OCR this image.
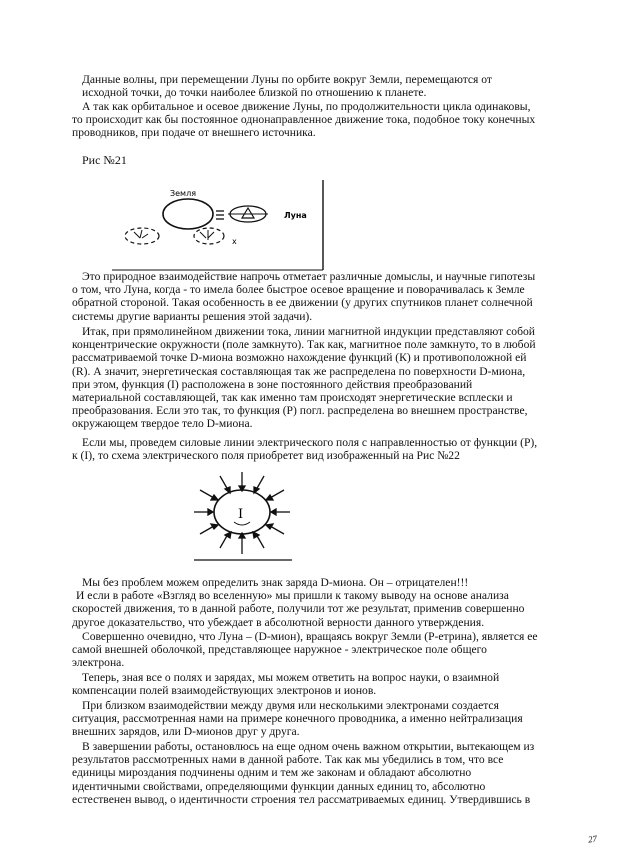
Данные волны, при перемещении Луны по орбите вокруг Земли, перемещаются от
исходной точки, до точки наиболее близкой по отношению к планете.
А так как орбитальное и осевое движение Луны, по продолжительности цикла одинаковы,
то происходит как бы постоянное однонаправленное движение тока, подобное току конечных
проводников, при подаче от внешнего источника.
Рис №21
Земля
Луна
х
Это природное взаимодействие напрочь отметает различные домыслы, и научные гипотезы
о том, что Луна, когда - то имела более быстрое осевое вращение и поворачивалась к Земле
обратной стороной. Такая особенность в ее движении (у других спутников планет солнечной
системы другие варианты решения этой задачи).
Итак, при прямолинейном движении тока, линии магнитной индукции представляют собой
концентрические окружности (поле замкнуто). Так как, магнитное поле замкнуто, то в любой
рассматриваемой точке D-миона возможно нахождение функций (К) и противоположной ей
(R). А значит, энергетическая составляющая так же распределена по поверхности D-миона,
при этом, функция (I) расположена в зоне постоянного действия преобразований
материальной составляющей, так как именно там происходят энергетические всплески и
преобразования. Если это так, то функция (Р) погл. распределена во внешнем пространстве,
окружающем твердое тело D-миона.
Если мы, проведем силовые линии электрического поля с направленностью от функции (Р),
к (I), то схема электрического поля приобретет вид изображенный на Рис №22
I
Мы без проблем можем определить знак заряда D-миона. Он – отрицателен!!!
И если в работе «Взгляд во вселенную» мы пришли к такому выводу на основе анализа
скоростей движения, то в данной работе, получили тот же результат, применив совершенно
другое доказательство, что убеждает в абсолютной верности данного утверждения.
Совершенно очевидно, что Луна – (D-мион), вращаясь вокруг Земли (Р-етрина), является ее
самой внешней оболочкой, представляющее наружное - электрическое поле общего
электрона.
Теперь, зная все о полях и зарядах, мы можем ответить на вопрос науки, о взаимной
компенсации полей взаимодействующих электронов и ионов.
При близком взаимодействии между двумя или несколькими электронами создается
ситуация, рассмотренная нами на примере конечного проводника, а именно нейтрализация
внешних зарядов, или D-мионов друг у друга.
В завершении работы, остановлюсь на еще одном очень важном открытии, вытекающем из
результатов рассмотренных нами в данной работе. Так как мы убедились в том, что все
единицы мироздания подчинены одним и тем же законам и обладают абсолютно
идентичными свойствами, определяющими функции данных единиц то, абсолютно
естественен вывод, о идентичности строения тел рассматриваемых единиц. Утвердившись в
27
